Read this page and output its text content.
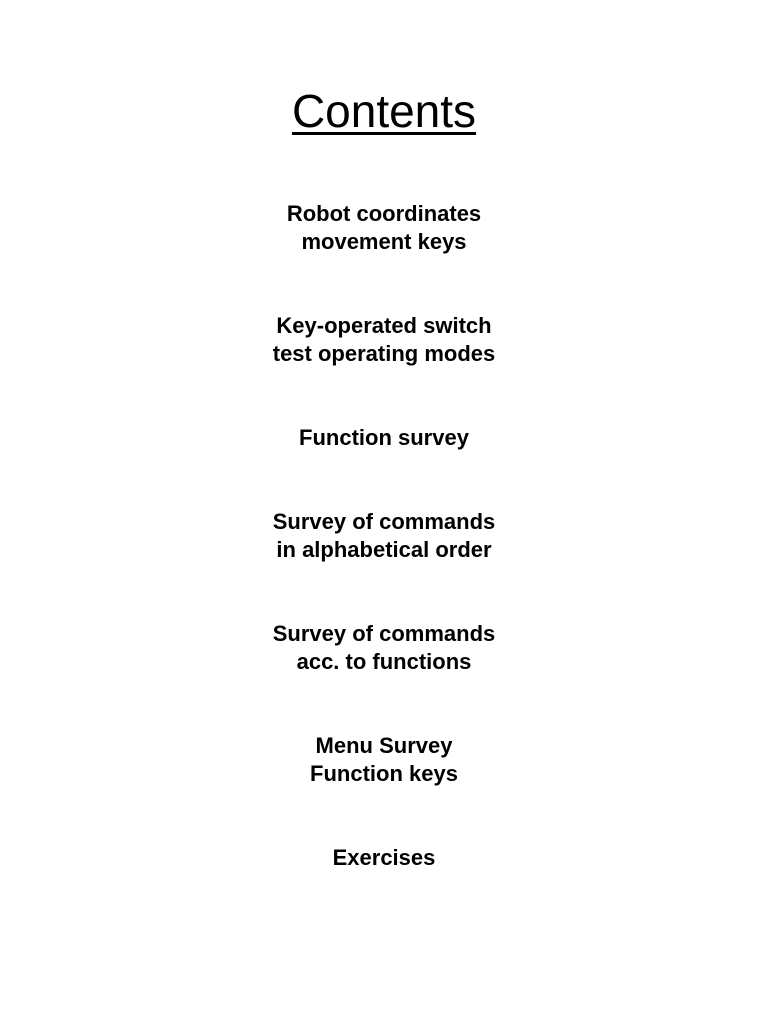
Contents
Robot coordinates
movement keys
Key-operated switch
test operating modes
Function survey
Survey of commands
in alphabetical order
Survey of commands
acc. to functions
Menu Survey
Function keys
Exercises
